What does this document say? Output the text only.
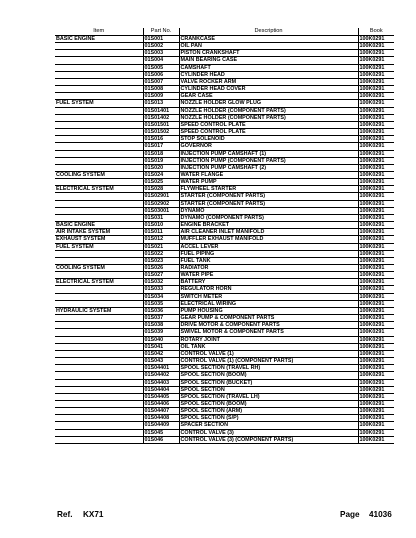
Item	Part No.	Description	Book
BASIC ENGINE	01S001	CRANKCASE	100K0291
	01S002	OIL PAN	100K0291
	01S003	PISTON CRANKSHAFT	100K0291
	01S004	MAIN BEARING CASE	100K0291
	01S005	CAMSHAFT	100K0291
	01S006	CYLINDER HEAD	100K0291
	01S007	VALVE ROCKER ARM	100K0291
	01S008	CYLINDER HEAD COVER	100K0291
	01S009	GEAR CASE	100K0291
FUEL SYSTEM	01S013	NOZZLE HOLDER GLOW PLUG	100K0291
	01S01401	NOZZLE HOLDER (COMPONENT PARTS)	100K0291
	01S01402	NOZZLE HOLDER (COMPONENT PARTS)	100K0291
	01S01501	SPEED CONTROL PLATE	100K0291
	01S01502	SPEED CONTROL PLATE	100K0291
	01S016	STOP SOLENOID	100K0291
	01S017	GOVERNOR	100K0291
	01S018	INJECTION PUMP CAMSHAFT (1)	100K0291
	01S019	INJECTION PUMP (COMPONENT PARTS)	100K0291
	01S020	INJECTION PUMP CAMSHAFT (2)	100K0291
COOLING SYSTEM	01S024	WATER FLANGE	100K0291
	01S025	WATER PUMP	100K0291
ELECTRICAL SYSTEM	01S028	FLYWHEEL STARTER	100K0291
	01S02901	STARTER (COMPONENT PARTS)	100K0291
	01S02902	STARTER (COMPONENT PARTS)	100K0291
	01S03001	DYNAMO	100K0291
	01S031	DYNAMO (COMPONENT PARTS)	100K0291
BASIC ENGINE	01S010	ENGINE BRACKET	100K0291
AIR INTAKE SYSTEM	01S011	AIR CLEANER INLET MANIFOLD	100K0291
EXHAUST SYSTEM	01S012	MUFFLER EXHAUST MANIFOLD	100K0291
FUEL SYSTEM	01S021	ACCEL LEVER	100K0291
	01S022	FUEL PIPING	100K0291
	01S023	FUEL TANK	100K0291
COOLING SYSTEM	01S026	RADIATOR	100K0291
	01S027	WATER PIPE	100K0291
ELECTRICAL SYSTEM	01S032	BATTERY	100K0291
	01S033	REGULATOR HORN	100K0291
	01S034	SWITCH METER	100K0291
	01S035	ELECTRICAL WIRING	100K0291
HYDRAULIC SYSTEM	01S036	PUMP HOUSING	100K0291
	01S037	GEAR PUMP & COMPONENT PARTS	100K0291
	01S038	DRIVE MOTOR & COMPONENT PARTS	100K0291
	01S039	SWIVEL MOTOR & COMPONENT PARTS	100K0291
	01S040	ROTARY JOINT	100K0291
	01S041	OIL TANK	100K0291
	01S042	CONTROL VALVE (1)	100K0291
	01S043	CONTROL VALVE (1) (COMPONENT PARTS)	100K0291
	01S04401	SPOOL SECTION (TRAVEL RH)	100K0291
	01S04402	SPOOL SECTION (BOOM)	100K0291
	01S04403	SPOOL SECTION (BUCKET)	100K0291
	01S04404	SPOOL SECTION	100K0291
	01S04405	SPOOL SECTION (TRAVEL LH)	100K0291
	01S04406	SPOOL SECTION (BOOM)	100K0291
	01S04407	SPOOL SECTION (ARM)	100K0291
	01S04408	SPOOL SECTION (S/P)	100K0291
	01S04409	SPACER SECTION	100K0291
	01S045	CONTROL VALVE (3)	100K0291
	01S046	CONTROL VALVE (3) (COMPONENT PARTS)	100K0291
Ref. KX71	Page 41036
